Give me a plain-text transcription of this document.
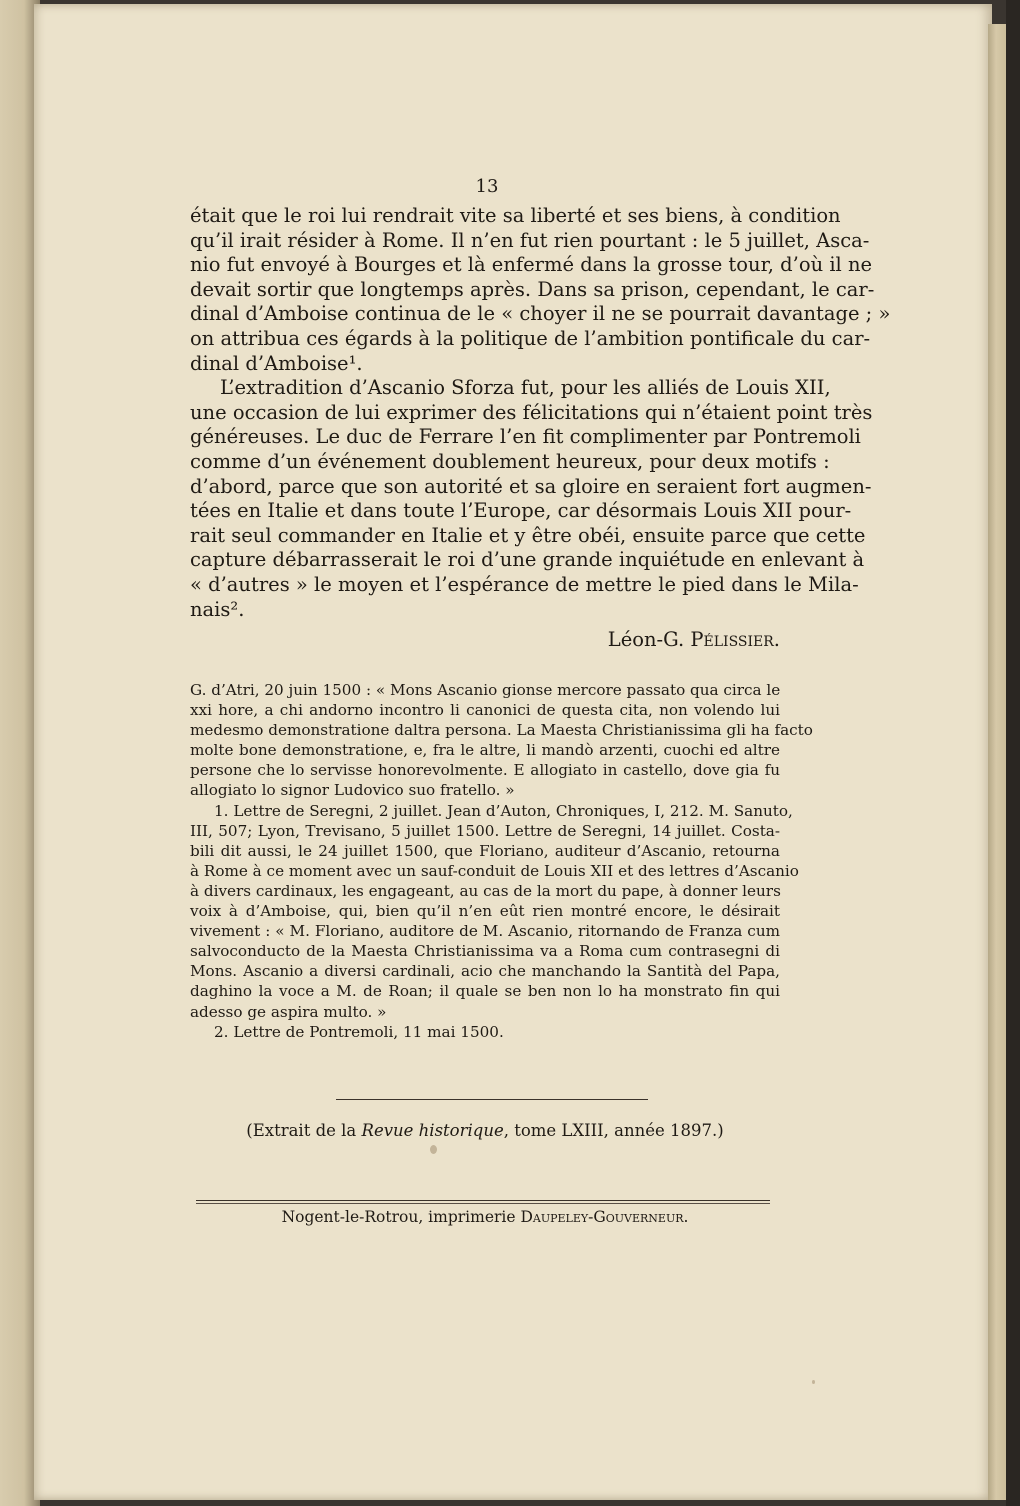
13
était que le roi lui rendrait vite sa liberté et ses biens, à condition
qu’il irait résider à Rome. Il n’en fut rien pourtant : le 5 juillet, Asca-
nio fut envoyé à Bourges et là enfermé dans la grosse tour, d’où il ne
devait sortir que longtemps après. Dans sa prison, cependant, le car-
dinal d’Amboise continua de le « choyer il ne se pourrait davantage ; »
on attribua ces égards à la politique de l’ambition pontificale du car-
dinal d’Amboise¹.
L’extradition d’Ascanio Sforza fut, pour les alliés de Louis XII,
une occasion de lui exprimer des félicitations qui n’étaient point très
généreuses. Le duc de Ferrare l’en fit complimenter par Pontremoli
comme d’un événement doublement heureux, pour deux motifs :
d’abord, parce que son autorité et sa gloire en seraient fort augmen-
tées en Italie et dans toute l’Europe, car désormais Louis XII pour-
rait seul commander en Italie et y être obéi, ensuite parce que cette
capture débarrasserait le roi d’une grande inquiétude en enlevant à
« d’autres » le moyen et l’espérance de mettre le pied dans le Mila-
nais².
Léon-G. Pélissier.
G. d’Atri, 20 juin 1500 : « Mons Ascanio gionse mercore passato qua circa le
xxi hore, a chi andorno incontro li canonici de questa cita, non volendo lui
medesmo demonstratione daltra persona. La Maesta Christianissima gli ha facto
molte bone demonstratione, e, fra le altre, li mandò arzenti, cuochi ed altre
persone che lo servisse honorevolmente. E allogiato in castello, dove gia fu
allogiato lo signor Ludovico suo fratello. »
1. Lettre de Seregni, 2 juillet. Jean d’Auton, Chroniques, I, 212. M. Sanuto,
III, 507; Lyon, Trevisano, 5 juillet 1500. Lettre de Seregni, 14 juillet. Costa-
bili dit aussi, le 24 juillet 1500, que Floriano, auditeur d’Ascanio, retourna
à Rome à ce moment avec un sauf-conduit de Louis XII et des lettres d’Ascanio
à divers cardinaux, les engageant, au cas de la mort du pape, à donner leurs
voix à d’Amboise, qui, bien qu’il n’en eût rien montré encore, le désirait
vivement : « M. Floriano, auditore de M. Ascanio, ritornando de Franza cum
salvoconducto de la Maesta Christianissima va a Roma cum contrasegni di
Mons. Ascanio a diversi cardinali, acio che manchando la Santità del Papa,
daghino la voce a M. de Roan; il quale se ben non lo ha monstrato fin qui
adesso ge aspira multo. »
2. Lettre de Pontremoli, 11 mai 1500.
(Extrait de la Revue historique, tome LXIII, année 1897.)
Nogent-le-Rotrou, imprimerie Daupeley-Gouverneur.
